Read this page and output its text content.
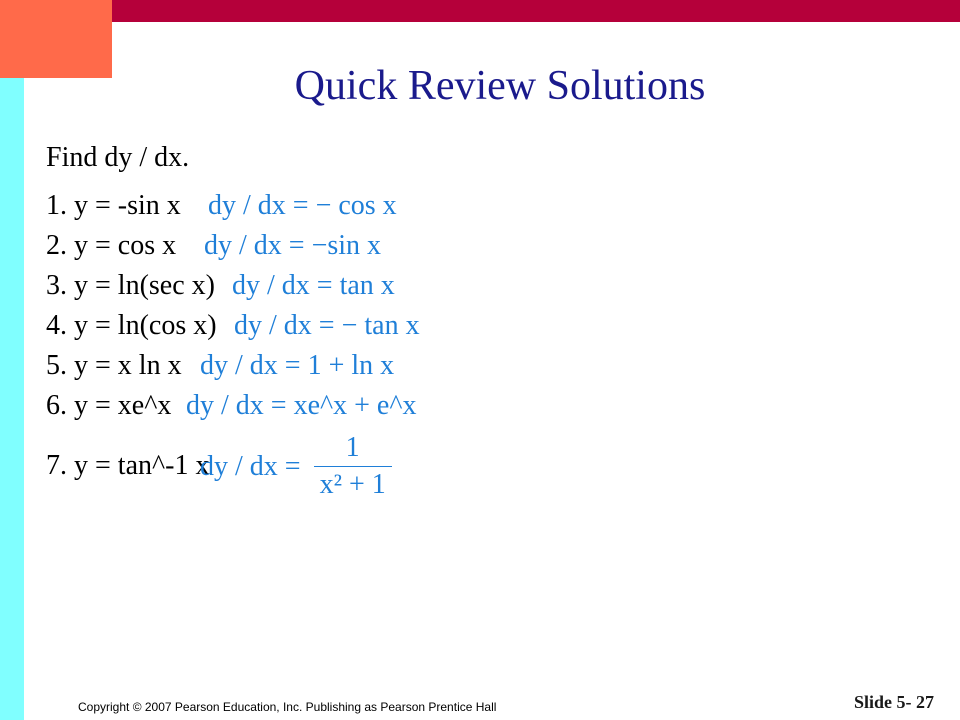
Quick Review Solutions
Find dy / dx.
1. y = -sin x dy / dx = − cos x
2. y = cos x dy / dx = −sin x
3. y = ln(sec x) dy / dx = tan x
4. y = ln(cos x) dy / dx = − tan x
5. y = x ln x dy / dx = 1 + ln x
6. y = xe^x dy / dx = xe^x + e^x
7. y = tan^-1 x
dy / dx = $\frac{1}{\text{x² + 1}}$
Copyright © 2007 Pearson Education, Inc. Publishing as Pearson Prentice Hall	Slide 5- 27
